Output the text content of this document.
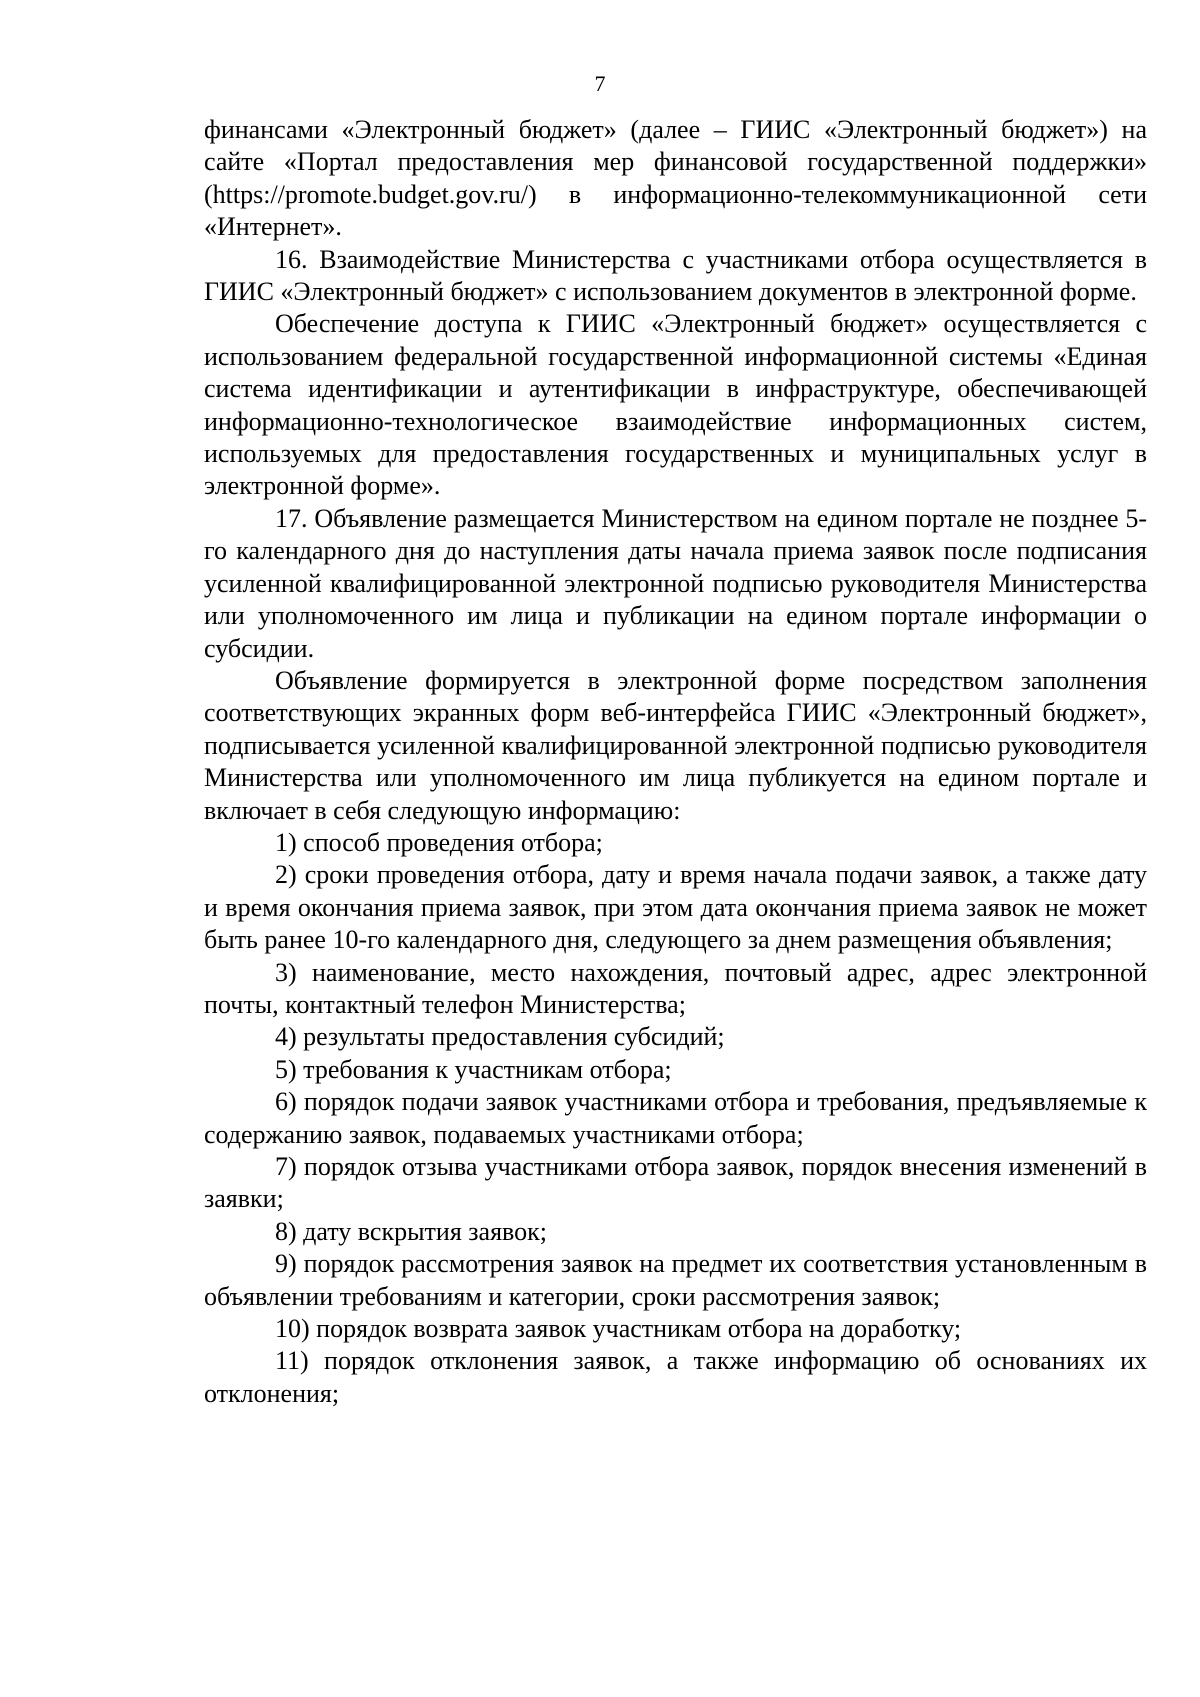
7

финансами «Электронный бюджет» (далее – ГИИС «Электронный бюджет») на сайте «Портал предоставления мер финансовой государственной поддержки» (https://promote.budget.gov.ru/) в информационно-телекоммуникационной сети «Интернет».

16. Взаимодействие Министерства с участниками отбора осуществляется в ГИИС «Электронный бюджет» с использованием документов в электронной форме.

Обеспечение доступа к ГИИС «Электронный бюджет» осуществляется с использованием федеральной государственной информационной системы «Единая система идентификации и аутентификации в инфраструктуре, обеспечивающей информационно-технологическое взаимодействие информационных систем, используемых для предоставления государственных и муниципальных услуг в электронной форме».

17. Объявление размещается Министерством на едином портале не позднее 5-го календарного дня до наступления даты начала приема заявок после подписания усиленной квалифицированной электронной подписью руководителя Министерства или уполномоченного им лица и публикации на едином портале информации о субсидии.

Объявление формируется в электронной форме посредством заполнения соответствующих экранных форм веб-интерфейса ГИИС «Электронный бюджет», подписывается усиленной квалифицированной электронной подписью руководителя Министерства или уполномоченного им лица публикуется на едином портале и включает в себя следующую информацию:

1) способ проведения отбора;

2) сроки проведения отбора, дату и время начала подачи заявок, а также дату и время окончания приема заявок, при этом дата окончания приема заявок не может быть ранее 10-го календарного дня, следующего за днем размещения объявления;

3) наименование, место нахождения, почтовый адрес, адрес электронной почты, контактный телефон Министерства;

4) результаты предоставления субсидий;

5) требования к участникам отбора;

6) порядок подачи заявок участниками отбора и требования, предъявляемые к содержанию заявок, подаваемых участниками отбора;

7) порядок отзыва участниками отбора заявок, порядок внесения изменений в заявки;

8) дату вскрытия заявок;

9) порядок рассмотрения заявок на предмет их соответствия установленным в объявлении требованиям и категории, сроки рассмотрения заявок;

10) порядок возврата заявок участникам отбора на доработку;

11) порядок отклонения заявок, а также информацию об основаниях их отклонения;
